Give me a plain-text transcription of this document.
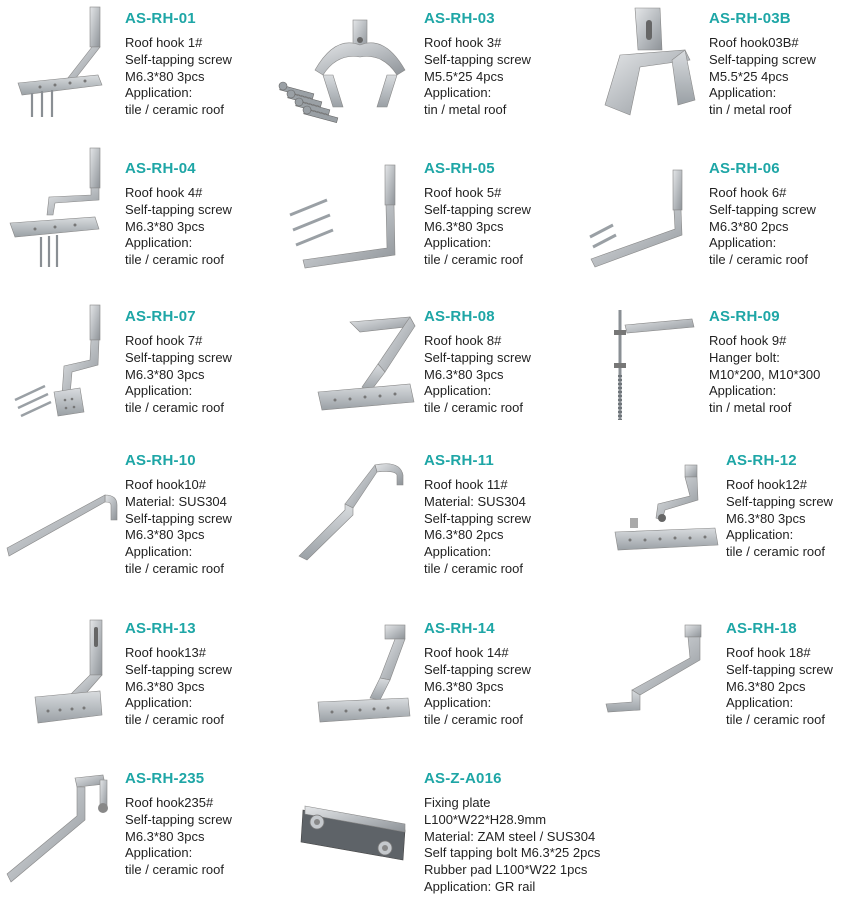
AS-RH-01
Roof hook 1#
Self-tapping screw
M6.3*80 3pcs
Application:
tile / ceramic roof
AS-RH-03
Roof hook 3#
Self-tapping screw
M5.5*25 4pcs
Application:
tin / metal roof
AS-RH-03B
Roof hook03B#
Self-tapping screw
M5.5*25 4pcs
Application:
tin / metal roof
AS-RH-04
Roof hook 4#
Self-tapping screw
M6.3*80 3pcs
Application:
tile / ceramic roof
AS-RH-05
Roof hook 5#
Self-tapping screw
M6.3*80 3pcs
Application:
tile / ceramic roof
AS-RH-06
Roof hook 6#
Self-tapping screw
M6.3*80 2pcs
Application:
tile / ceramic roof
AS-RH-07
Roof hook 7#
Self-tapping screw
M6.3*80 3pcs
Application:
tile / ceramic roof
AS-RH-08
Roof hook 8#
Self-tapping screw
M6.3*80 3pcs
Application:
tile / ceramic roof
AS-RH-09
Roof hook 9#
Hanger bolt:
M10*200, M10*300
Application:
tin / metal roof
AS-RH-10
Roof hook10#
Material: SUS304
Self-tapping screw
M6.3*80 3pcs
Application:
tile / ceramic roof
AS-RH-11
Roof hook 11#
Material: SUS304
Self-tapping screw
M6.3*80 2pcs
Application:
tile / ceramic roof
AS-RH-12
Roof hook12#
Self-tapping screw
M6.3*80 3pcs
Application:
tile / ceramic roof
AS-RH-13
Roof hook13#
Self-tapping screw
M6.3*80 3pcs
Application:
tile / ceramic roof
AS-RH-14
Roof hook 14#
Self-tapping screw
M6.3*80 3pcs
Application:
tile / ceramic roof
AS-RH-18
Roof hook 18#
Self-tapping screw
M6.3*80 2pcs
Application:
tile / ceramic roof
AS-RH-235
Roof hook235#
Self-tapping screw
M6.3*80 3pcs
Application:
tile / ceramic roof
AS-Z-A016
Fixing plate
L100*W22*H28.9mm
Material: ZAM steel / SUS304
Self tapping bolt M6.3*25 2pcs
Rubber pad L100*W22 1pcs
Application: GR rail
